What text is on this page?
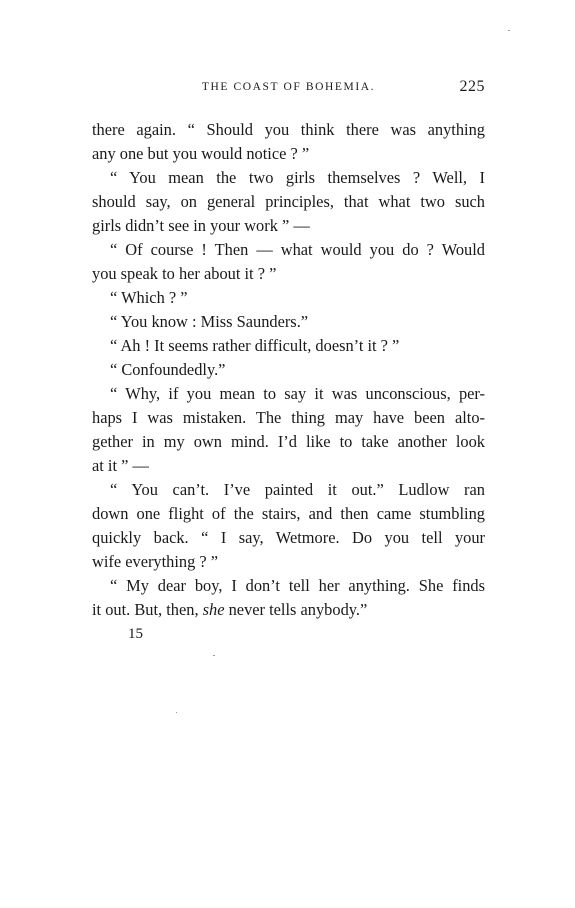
THE COAST OF BOHEMIA.	225
there again. “ Should you think there was anything
any one but you would notice ? ”
“ You mean the two girls themselves ? Well, I
should say, on general principles, that what two such
girls didn’t see in your work ” —
“ Of course ! Then — what would you do ? Would
you speak to her about it ? ”
“ Which ? ”
“ You know : Miss Saunders.”
“ Ah ! It seems rather difficult, doesn’t it ? ”
“ Confoundedly.”
“ Why, if you mean to say it was unconscious, per-
haps I was mistaken. The thing may have been alto-
gether in my own mind. I’d like to take another look
at it ” —
“ You can’t. I’ve painted it out.” Ludlow ran
down one flight of the stairs, and then came stumbling
quickly back. “ I say, Wetmore. Do you tell your
wife everything ? ”
“ My dear boy, I don’t tell her anything. She finds
it out. But, then, she never tells anybody.”
15
